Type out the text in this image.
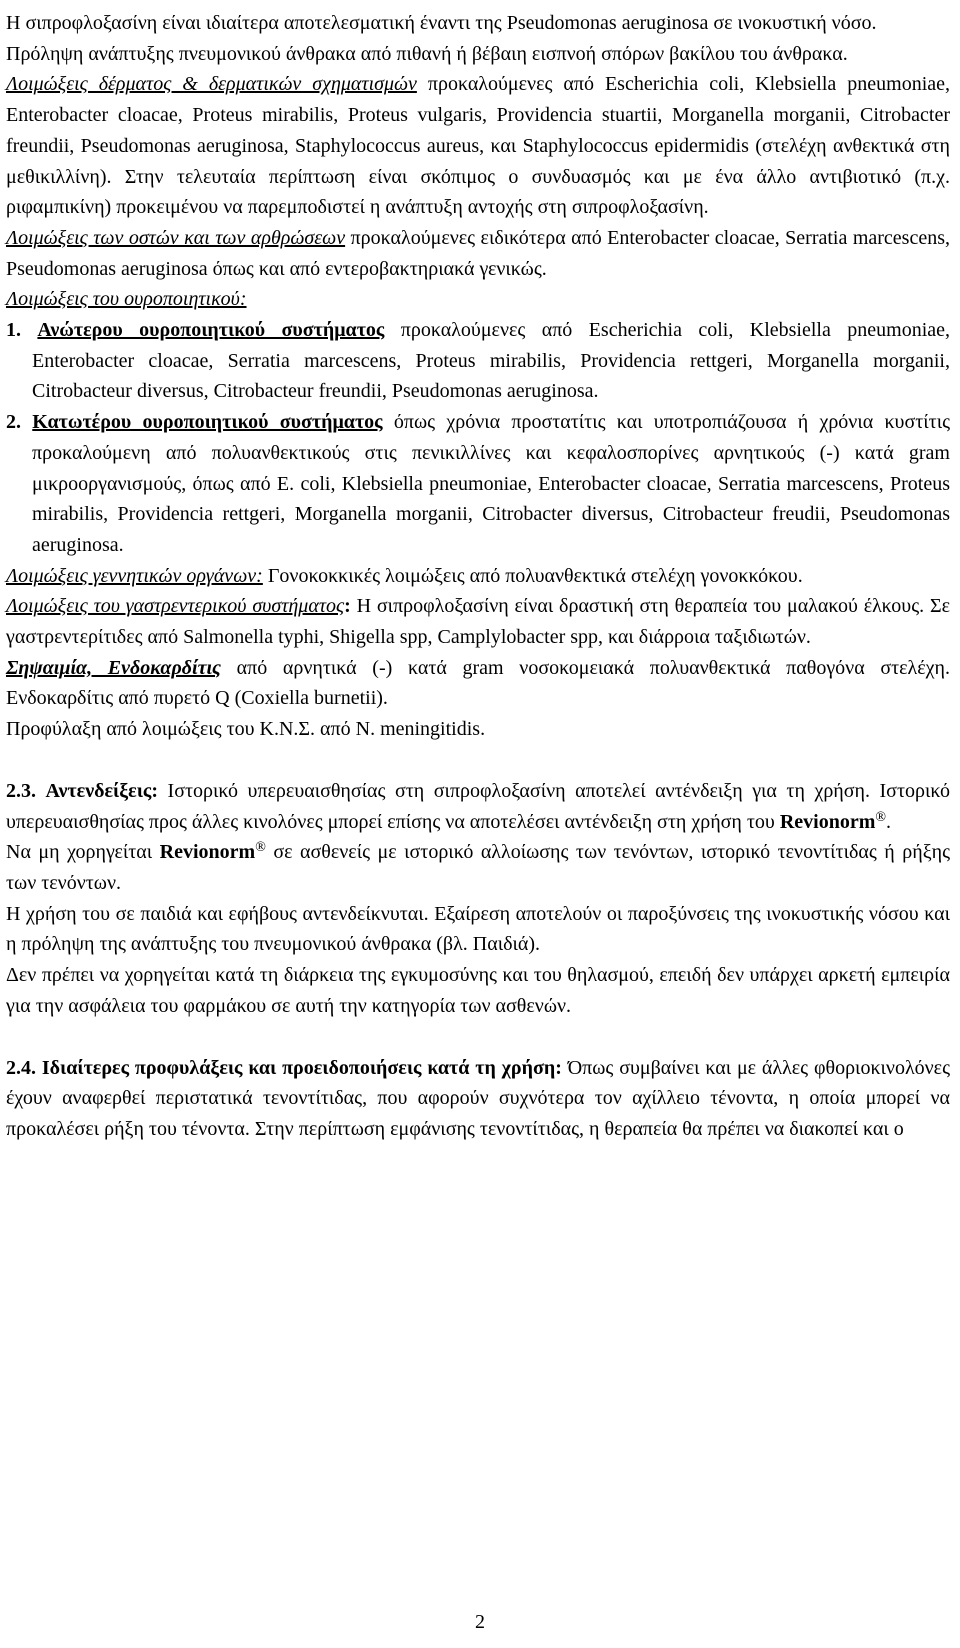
Η σιπροφλοξασίνη είναι ιδιαίτερα αποτελεσματική έναντι της Pseudomonas aeruginosa σε ινοκυστική νόσο.

Πρόληψη ανάπτυξης πνευμονικού άνθρακα από πιθανή ή βέβαιη εισπνοή σπόρων βακίλου του άνθρακα.

Λοιμώξεις δέρματος & δερματικών σχηματισμών προκαλούμενες από Escherichia coli, Klebsiella pneumoniae, Enterobacter cloacae, Proteus mirabilis, Proteus vulgaris, Providencia stuartii, Morganella morganii, Citrobacter freundii, Pseudomonas aeruginosa, Staphylococcus aureus, και Staphylococcus epidermidis (στελέχη ανθεκτικά στη μεθικιλλίνη). Στην τελευταία περίπτωση είναι σκόπιμος ο συνδυασμός και με ένα άλλο αντιβιοτικό (π.χ. ριφαμπικίνη) προκειμένου να παρεμποδιστεί η ανάπτυξη αντοχής στη σιπροφλοξασίνη.

Λοιμώξεις των οστών και των αρθρώσεων προκαλούμενες ειδικότερα από Enterobacter cloacae, Serratia marcescens, Pseudomonas aeruginosa όπως και από εντεροβακτηριακά γενικώς.

Λοιμώξεις του ουροποιητικού:

1. Ανώτερου ουροποιητικού συστήματος προκαλούμενες από Escherichia coli, Klebsiella pneumoniae, Enterobacter cloacae, Serratia marcescens, Proteus mirabilis, Providencia rettgeri, Morganella morganii, Citrobacteur diversus, Citrobacteur freundii, Pseudomonas aeruginosa.

2. Κατωτέρου ουροποιητικού συστήματος όπως χρόνια προστατίτις και υποτροπιάζουσα ή χρόνια κυστίτις προκαλούμενη από πολυανθεκτικούς στις πενικιλλίνες και κεφαλοσπορίνες αρνητικούς (-) κατά gram μικροοργανισμούς, όπως από E. coli, Klebsiella pneumoniae, Enterobacter cloacae, Serratia marcescens, Proteus mirabilis, Providencia rettgeri, Morganella morganii, Citrobacter diversus, Citrobacteur freudii, Pseudomonas aeruginosa.

Λοιμώξεις γεννητικών οργάνων: Γονοκοκκικές λοιμώξεις από πολυανθεκτικά στελέχη γονοκκόκου.

Λοιμώξεις του γαστρεντερικού συστήματος: Η σιπροφλοξασίνη είναι δραστική στη θεραπεία του μαλακού έλκους. Σε γαστρεντερίτιδες από Salmonella typhi, Shigella spp, Camplylobacter spp, και διάρροια ταξιδιωτών.

Σηψαιμία, Ενδοκαρδίτις από αρνητικά (-) κατά gram νοσοκομειακά πολυανθεκτικά παθογόνα στελέχη. Ενδοκαρδίτις από πυρετό Q (Coxiella burnetii).

Προφύλαξη από λοιμώξεις του Κ.Ν.Σ. από N. meningitidis.

2.3. Αντενδείξεις: Ιστορικό υπερευαισθησίας στη σιπροφλοξασίνη αποτελεί αντένδειξη για τη χρήση. Ιστορικό υπερευαισθησίας προς άλλες κινολόνες μπορεί επίσης να αποτελέσει αντένδειξη στη χρήση του Revionorm®.

Να μη χορηγείται Revionorm® σε ασθενείς με ιστορικό αλλοίωσης των τενόντων, ιστορικό τενοντίτιδας ή ρήξης των τενόντων.

Η χρήση του σε παιδιά και εφήβους αντενδείκνυται. Εξαίρεση αποτελούν οι παροξύνσεις της ινοκυστικής νόσου και η πρόληψη της ανάπτυξης του πνευμονικού άνθρακα (βλ. Παιδιά).

Δεν πρέπει να χορηγείται κατά τη διάρκεια της εγκυμοσύνης και του θηλασμού, επειδή δεν υπάρχει αρκετή εμπειρία για την ασφάλεια του φαρμάκου σε αυτή την κατηγορία των ασθενών.

2.4. Ιδιαίτερες προφυλάξεις και προειδοποιήσεις κατά τη χρήση: Όπως συμβαίνει και με άλλες φθοριοκινολόνες έχουν αναφερθεί περιστατικά τενοντίτιδας, που αφορούν συχνότερα τον αχίλλειο τένοντα, η οποία μπορεί να προκαλέσει ρήξη του τένοντα. Στην περίπτωση εμφάνισης τενοντίτιδας, η θεραπεία θα πρέπει να διακοπεί και ο

2
